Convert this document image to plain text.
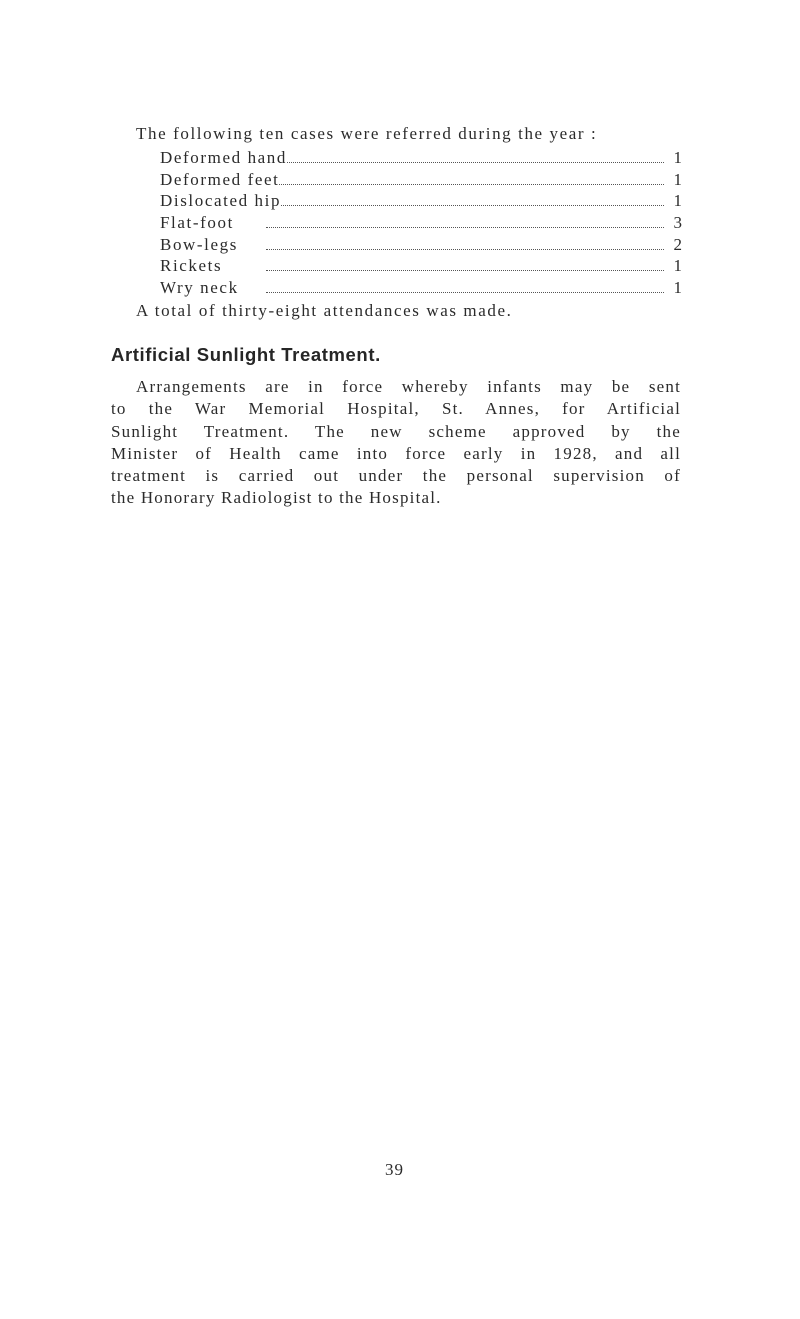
The following ten cases were referred during the year :
Deformed hand	1
Deformed feet	1
Dislocated hip	1
Flat-foot	3
Bow-legs	2
Rickets	1
Wry neck	1
A total of thirty-eight attendances was made.
Artificial Sunlight Treatment.
Arrangements are in force whereby infants may be sent
to the War Memorial Hospital, St. Annes, for Artificial
Sunlight Treatment. The new scheme approved by the
Minister of Health came into force early in 1928, and all
treatment is carried out under the personal supervision of
the Honorary Radiologist to the Hospital.
39
